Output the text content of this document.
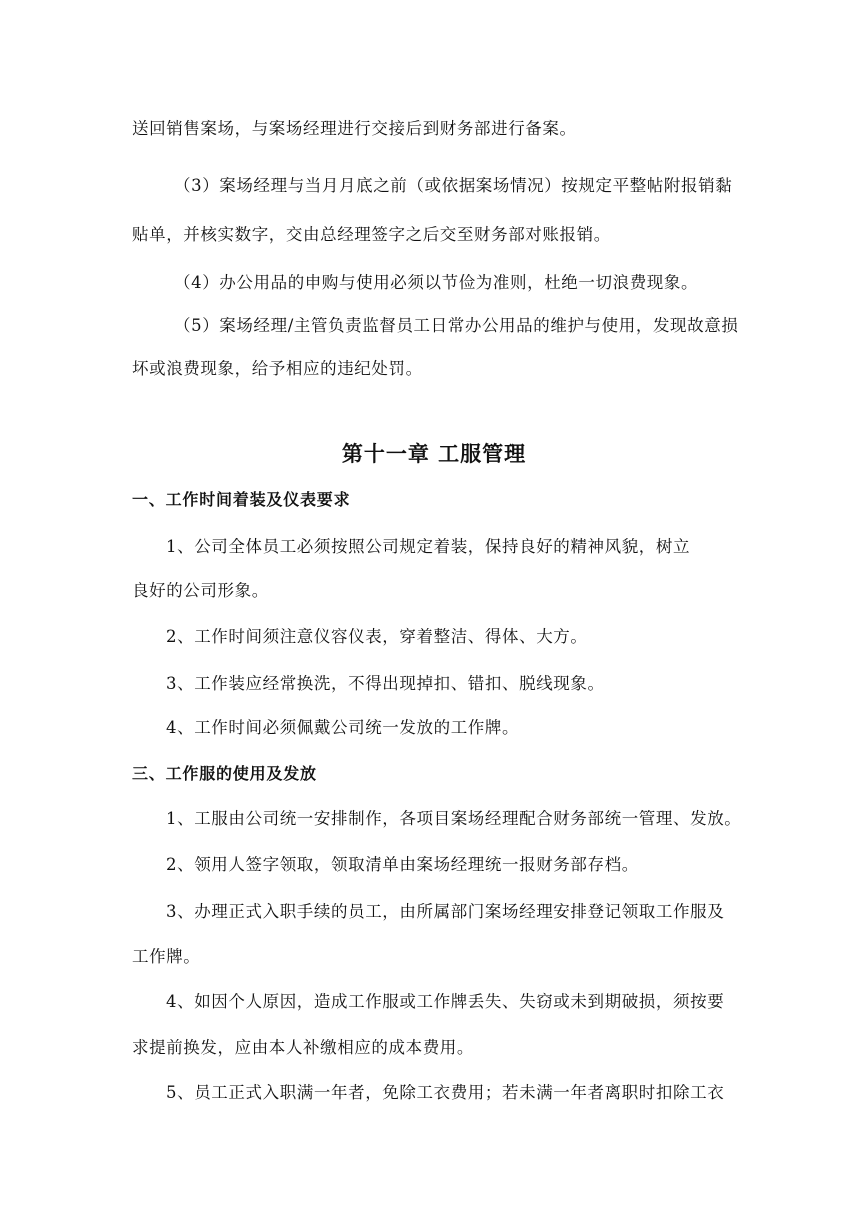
送回销售案场，与案场经理进行交接后到财务部进行备案。
（3）案场经理与当月月底之前（或依据案场情况）按规定平整帖附报销黏
贴单，并核实数字，交由总经理签字之后交至财务部对账报销。
（4）办公用品的申购与使用必须以节俭为准则，杜绝一切浪费现象。
（5）案场经理/主管负责监督员工日常办公用品的维护与使用，发现故意损
坏或浪费现象，给予相应的违纪处罚。
第十一章 工服管理
一、工作时间着装及仪表要求
1、公司全体员工必须按照公司规定着装，保持良好的精神风貌，树立
良好的公司形象。
2、工作时间须注意仪容仪表，穿着整洁、得体、大方。
3、工作装应经常换洗，不得出现掉扣、错扣、脱线现象。
4、工作时间必须佩戴公司统一发放的工作牌。
三、工作服的使用及发放
1、工服由公司统一安排制作，各项目案场经理配合财务部统一管理、发放。
2、领用人签字领取，领取清单由案场经理统一报财务部存档。
3、办理正式入职手续的员工，由所属部门案场经理安排登记领取工作服及
工作牌。
4、如因个人原因，造成工作服或工作牌丢失、失窃或未到期破损，须按要
求提前换发，应由本人补缴相应的成本费用。
5、员工正式入职满一年者，免除工衣费用；若未满一年者离职时扣除工衣
